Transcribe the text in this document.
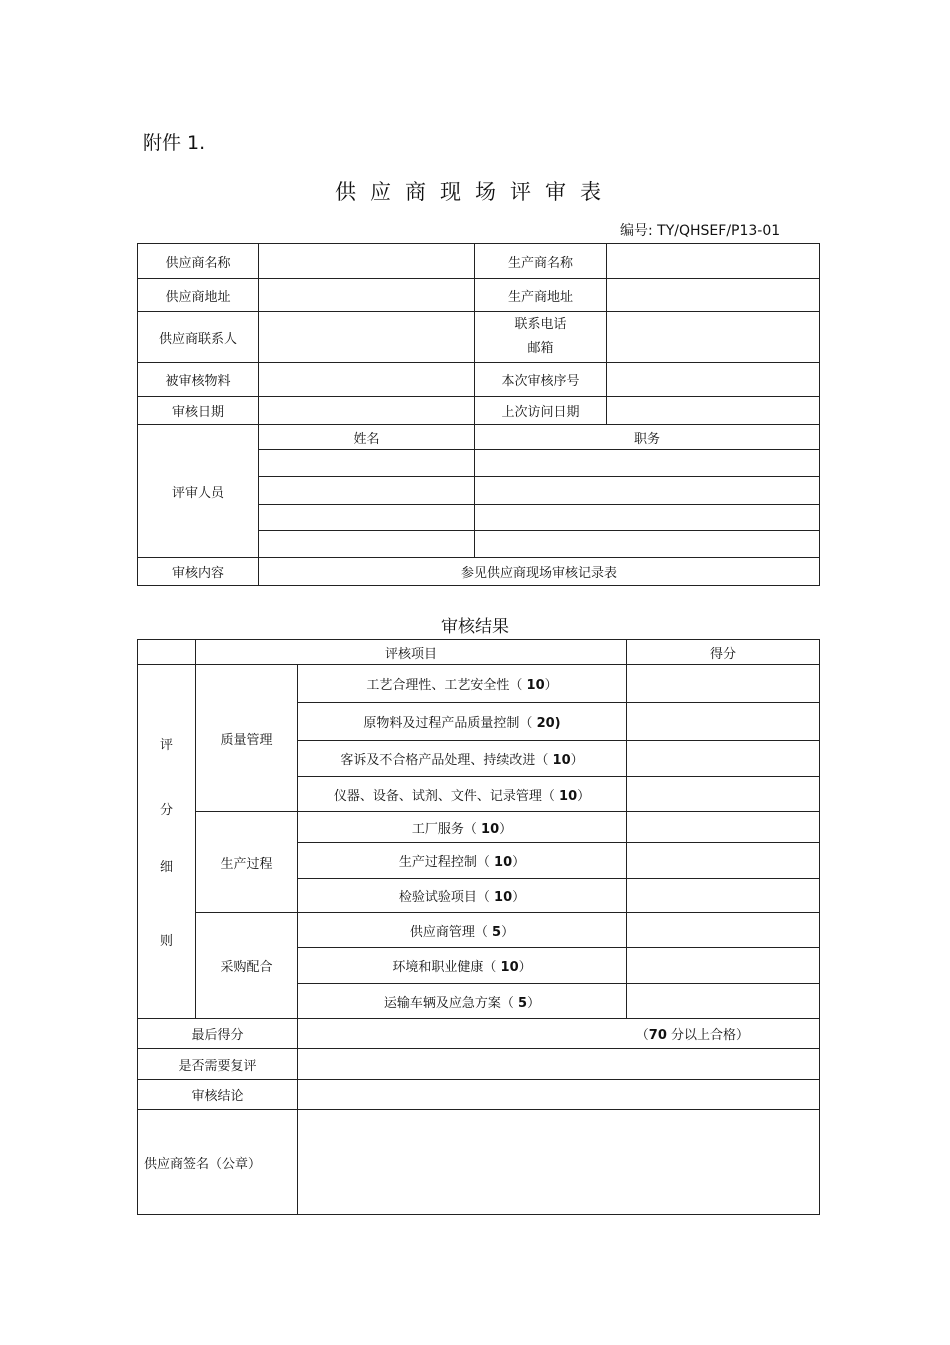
附件 1.
供应商现场评审表
编号: TY/QHSEF/P13-01
供应商名称		生产商名称	
供应商地址		生产商地址	
供应商联系人		联系电话
邮箱	

被审核物料		本次审核序号	
审核日期		上次访问日期	
评审人员	姓名	职务	

审核内容	参见供应商现场审核记录表		
审核结果
	评核项目		得分

评
分
细
则	质量管理	工艺合理性、工艺安全性（ 10）	
		原物料及过程产品质量控制（ 20)	
		客诉及不合格产品处理、持续改进（ 10）	
		仪器、设备、试剂、文件、记录管理（ 10）	
	生产过程	工厂服务（ 10）	
		生产过程控制（ 10）	
		检验试验项目（ 10）	
	采购配合	供应商管理（ 5）	
		环境和职业健康（ 10）	
		运输车辆及应急方案（ 5）	
最后得分		（70 分以上合格）	
是否需要复评			
审核结论			
供应商签名（公章）			
